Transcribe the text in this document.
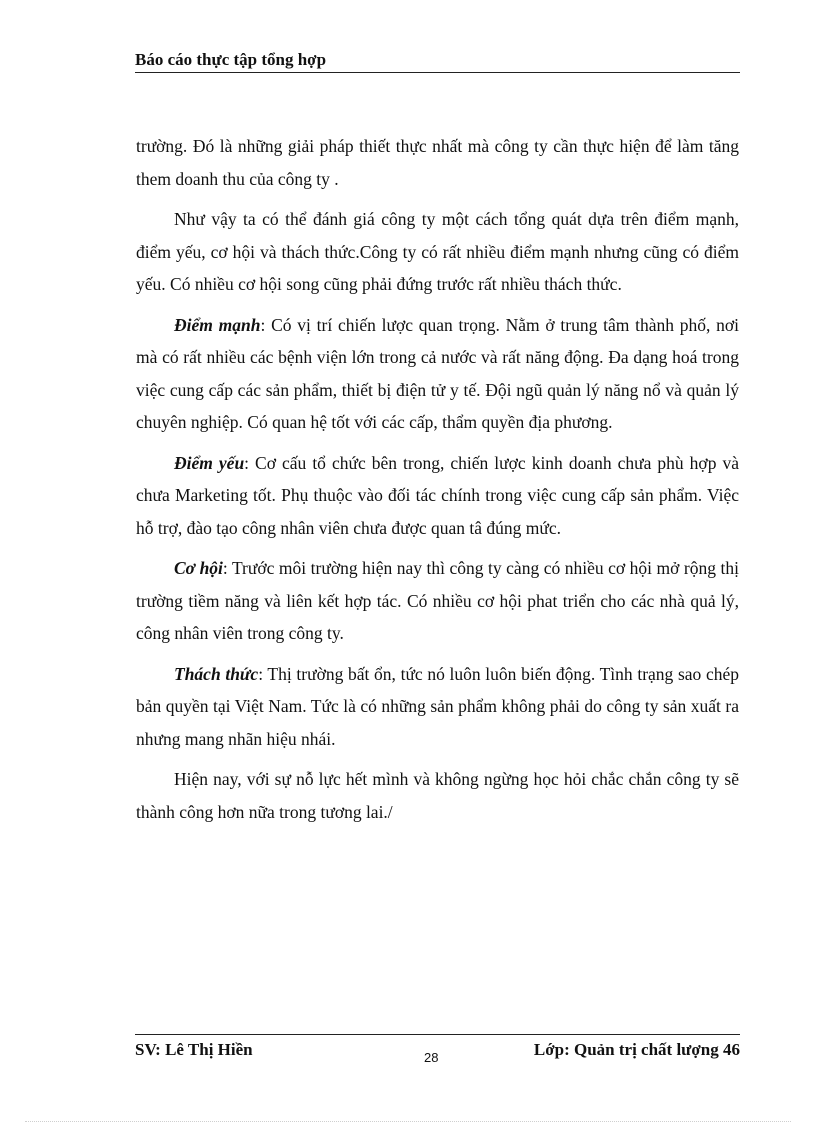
Báo cáo thực tập tổng hợp

trường. Đó là những giải pháp thiết thực nhất mà công ty cần thực hiện để làm tăng them doanh thu của công ty .

Như vậy ta có thể đánh giá công ty một cách tổng quát dựa trên điểm mạnh, điểm yếu, cơ hội và thách thức.Công ty có rất nhiều điểm mạnh nhưng cũng có điểm yếu. Có nhiều cơ hội song cũng phải đứng trước rất nhiều thách thức.

Điểm mạnh: Có vị trí chiến lược quan trọng. Nằm ở trung tâm thành phố, nơi mà có rất nhiều các bệnh viện lớn trong cả nước và rất năng động. Đa dạng hoá trong việc cung cấp các sản phẩm, thiết bị điện tử y tế. Đội ngũ quản lý năng nổ và quản lý chuyên nghiệp. Có quan hệ tốt với các cấp, thẩm quyền địa phương.

Điểm yếu: Cơ cấu tổ chức bên trong, chiến lược kinh doanh chưa phù hợp và chưa Marketing tốt. Phụ thuộc vào đối tác chính trong việc cung cấp sản phẩm. Việc hỗ trợ, đào tạo công nhân viên chưa được quan tâ đúng mức.

Cơ hội: Trước môi trường hiện nay thì công ty càng có nhiều cơ hội mở rộng thị trường tiềm năng và liên kết hợp tác. Có nhiều cơ hội phat triển cho các nhà quả lý, công nhân viên trong công ty.

Thách thức: Thị trường bất ổn, tức nó luôn luôn biến động. Tình trạng sao chép bản quyền tại Việt Nam. Tức là có những sản phẩm không phải do công ty sản xuất ra nhưng mang nhãn hiệu nhái.

Hiện nay, với sự nỗ lực hết mình và không ngừng học hỏi chắc chắn công ty sẽ thành công hơn nữa trong tương lai./

SV: Lê Thị Hiền	28	Lớp: Quản trị chất lượng 46
